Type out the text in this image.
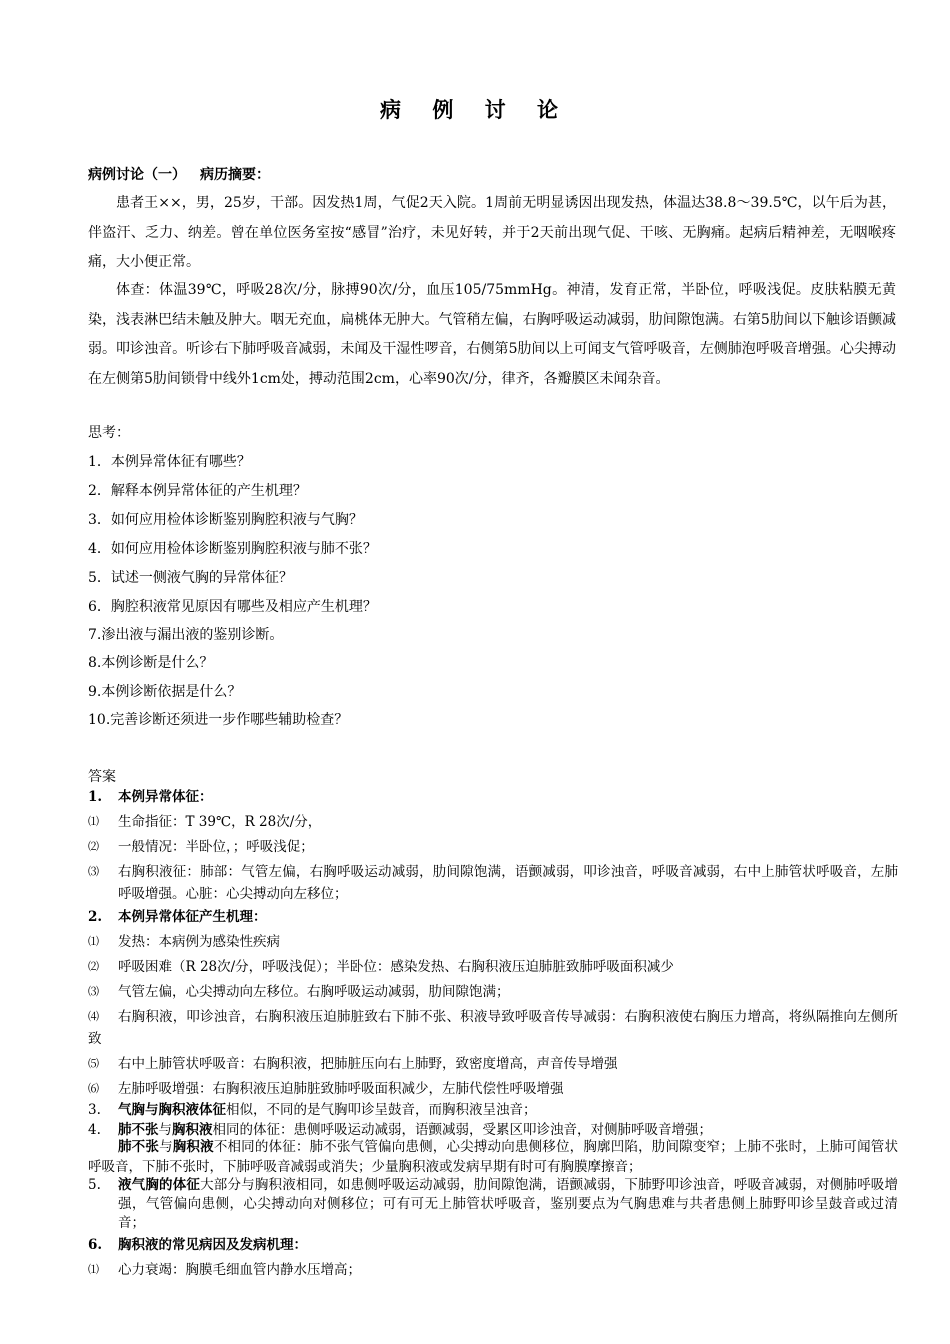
病 例 讨 论
病例讨论（一） 病历摘要：
患者王××，男，25岁，干部。因发热1周，气促2天入院。1周前无明显诱因出现发热，体温达38.8～39.5℃，以午后为甚，伴盗汗、乏力、纳差。曾在单位医务室按“感冒”治疗，未见好转，并于2天前出现气促、干咳、无胸痛。起病后精神差，无咽喉疼痛，大小便正常。
体查：体温39℃，呼吸28次/分，脉搏90次/分，血压105/75mmHg。神清，发育正常，半卧位，呼吸浅促。皮肤粘膜无黄染，浅表淋巴结未触及肿大。咽无充血，扁桃体无肿大。气管稍左偏，右胸呼吸运动减弱，肋间隙饱满。右第5肋间以下触诊语颤减弱。叩诊浊音。听诊右下肺呼吸音减弱，未闻及干湿性啰音，右侧第5肋间以上可闻支气管呼吸音，左侧肺泡呼吸音增强。心尖搏动在左侧第5肋间锁骨中线外1cm处，搏动范围2cm，心率90次/分，律齐，各瓣膜区未闻杂音。
思考：
1．本例异常体征有哪些？
2．解释本例异常体征的产生机理？
3．如何应用检体诊断鉴别胸腔积液与气胸？
4．如何应用检体诊断鉴别胸腔积液与肺不张？
5．试述一侧液气胸的异常体征？
6．胸腔积液常见原因有哪些及相应产生机理？
7.渗出液与漏出液的鉴别诊断。
8.本例诊断是什么？
9.本例诊断依据是什么？
10.完善诊断还须进一步作哪些辅助检查？
答案
1. 本例异常体征：
⑴ 生命指征：T 39℃，R 28次/分，
⑵ 一般情况：半卧位，；呼吸浅促；
⑶ 右胸积液征：肺部：气管左偏，右胸呼吸运动减弱，肋间隙饱满，语颤减弱，叩诊浊音，呼吸音减弱，右中上肺管状呼吸音，左肺呼吸增强。心脏：心尖搏动向左移位；
2. 本例异常体征产生机理：
⑴ 发热：本病例为感染性疾病
⑵ 呼吸困难（R 28次/分，呼吸浅促）；半卧位：感染发热、右胸积液压迫肺脏致肺呼吸面积减少
⑶ 气管左偏，心尖搏动向左移位。右胸呼吸运动减弱，肋间隙饱满；
⑷	右胸积液，叩诊浊音，右胸积液压迫肺脏致右下肺不张、积液导致呼吸音传导减弱：右胸积液使右胸压力增高，将纵隔推向左侧所致
⑸ 右中上肺管状呼吸音：右胸积液，把肺脏压向右上肺野，致密度增高，声音传导增强
⑹ 左肺呼吸增强：右胸积液压迫肺脏致肺呼吸面积减少，左肺代偿性呼吸增强
3. 气胸与胸积液体征相似，不同的是气胸叩诊呈鼓音，而胸积液呈浊音；
4. 肺不张与胸积液相同的体征：患侧呼吸运动减弱，语颤减弱，受累区叩诊浊音，对侧肺呼吸音增强；
肺不张与胸积液不相同的体征：肺不张气管偏向患侧，心尖搏动向患侧移位，胸廓凹陷，肋间隙变窄；上肺不张时，上肺可闻管状呼吸音，下肺不张时，下肺呼吸音减弱或消失；少量胸积液或发病早期有时可有胸膜摩擦音；
5. 液气胸的体征大部分与胸积液相同，如患侧呼吸运动减弱，肋间隙饱满，语颤减弱，下肺野叩诊浊音，呼吸音减弱，对侧肺呼吸增强，气管偏向患侧，心尖搏动向对侧移位；可有可无上肺管状呼吸音，鉴别要点为气胸患难与共者患侧上肺野叩诊呈鼓音或过清音；
6. 胸积液的常见病因及发病机理：
⑴ 心力衰竭：胸膜毛细血管内静水压增高；
